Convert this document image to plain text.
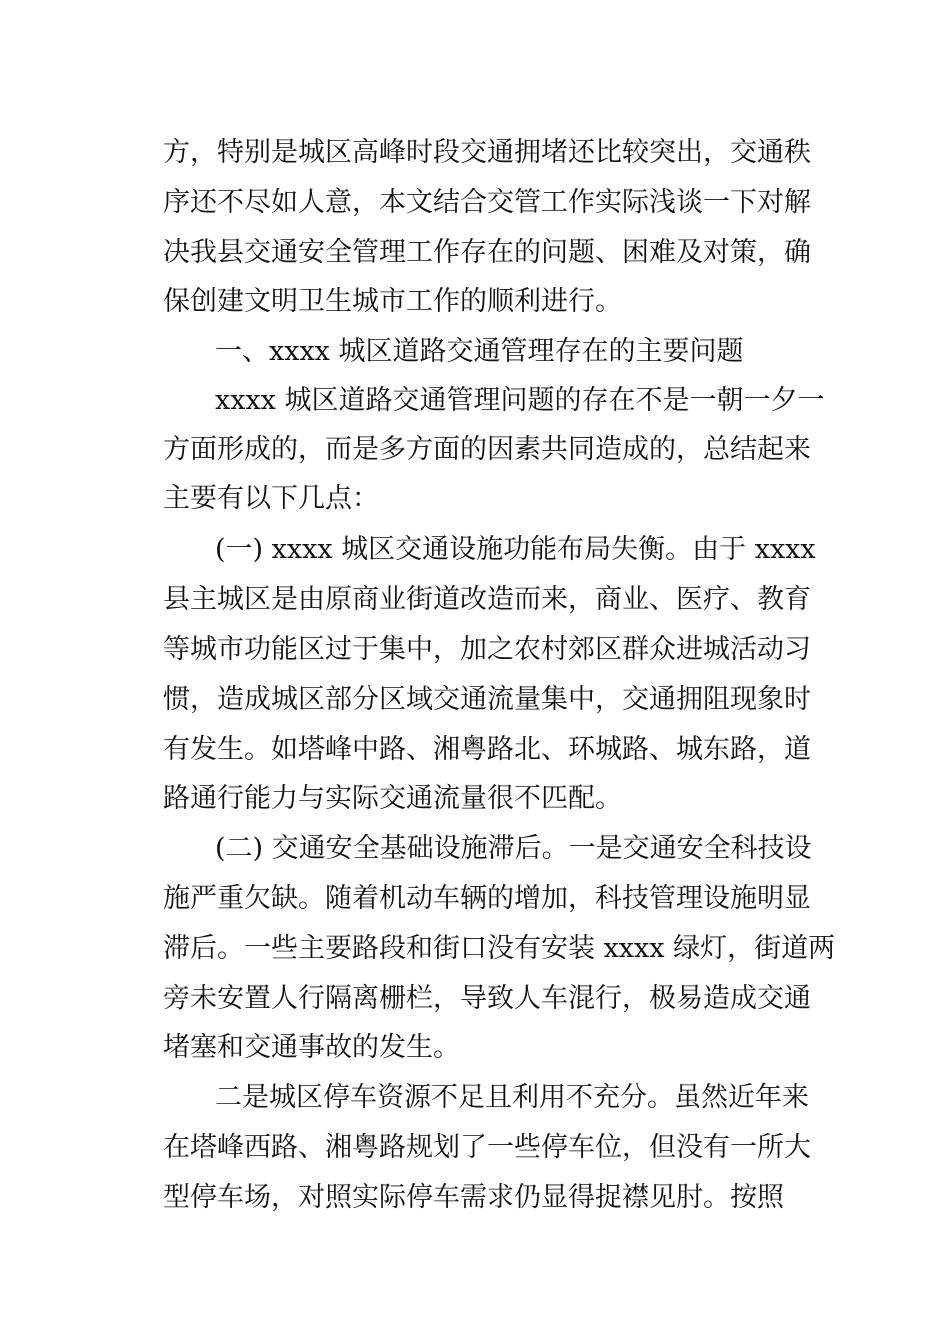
方，特别是城区高峰时段交通拥堵还比较突出，交通秩
序还不尽如人意，本文结合交管工作实际浅谈一下对解
决我县交通安全管理工作存在的问题、困难及对策，确
保创建文明卫生城市工作的顺利进行。
一、xxxx 城区道路交通管理存在的主要问题
xxxx 城区道路交通管理问题的存在不是一朝一夕一
方面形成的，而是多方面的因素共同造成的，总结起来
主要有以下几点：
(一) xxxx 城区交通设施功能布局失衡。由于 xxxx
县主城区是由原商业街道改造而来，商业、医疗、教育
等城市功能区过于集中，加之农村郊区群众进城活动习
惯，造成城区部分区域交通流量集中，交通拥阻现象时
有发生。如塔峰中路、湘粤路北、环城路、城东路，道
路通行能力与实际交通流量很不匹配。
(二) 交通安全基础设施滞后。一是交通安全科技设
施严重欠缺。随着机动车辆的增加，科技管理设施明显
滞后。一些主要路段和街口没有安装 xxxx 绿灯，街道两
旁未安置人行隔离栅栏，导致人车混行，极易造成交通
堵塞和交通事故的发生。
二是城区停车资源不足且利用不充分。虽然近年来
在塔峰西路、湘粤路规划了一些停车位，但没有一所大
型停车场，对照实际停车需求仍显得捉襟见肘。按照
